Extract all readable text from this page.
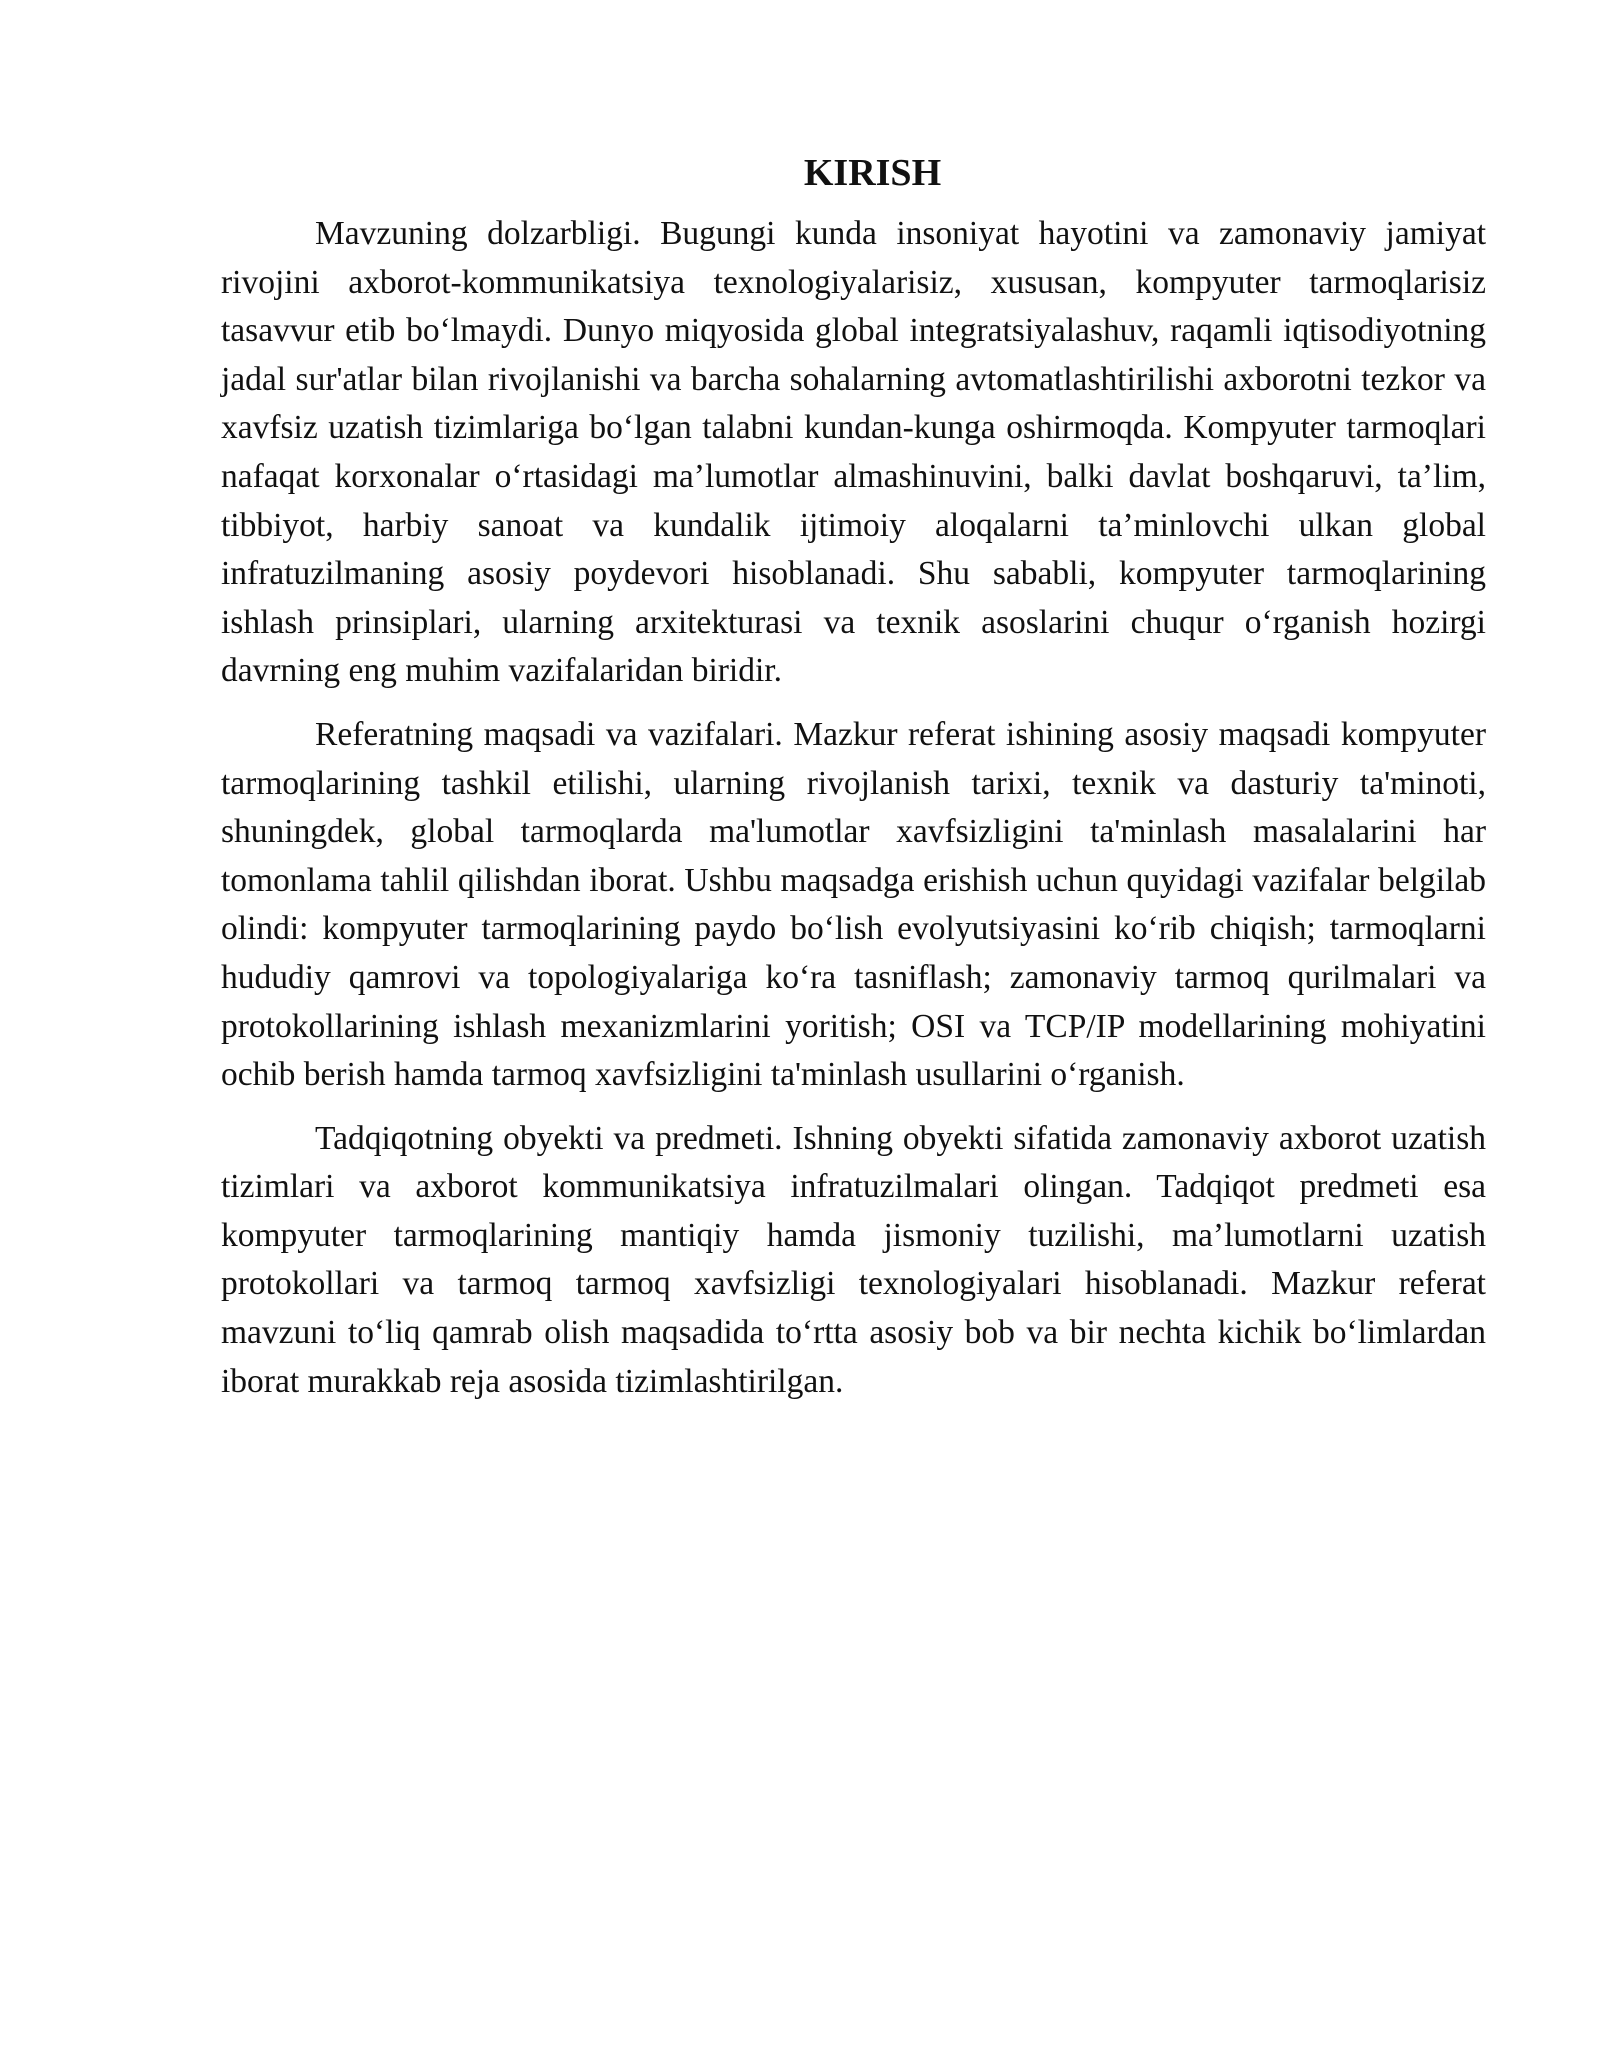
KIRISH

Mavzuning dolzarbligi. Bugungi kunda insoniyat hayotini va zamonaviy jamiyat rivojini axborot-kommunikatsiya texnologiyalarisiz, xususan, kompyuter tarmoqlarisiz tasavvur etib bo‘lmaydi. Dunyo miqyosida global integratsiyalashuv, raqamli iqtisodiyotning jadal sur'atlar bilan rivojlanishi va barcha sohalarning avtomatlashtirilishi axborotni tezkor va xavfsiz uzatish tizimlariga bo‘lgan talabni kundan-kunga oshirmoqda. Kompyuter tarmoqlari nafaqat korxonalar o‘rtasidagi ma’lumotlar almashinuvini, balki davlat boshqaruvi, ta’lim, tibbiyot, harbiy sanoat va kundalik ijtimoiy aloqalarni ta’minlovchi ulkan global infratuzilmaning asosiy poydevori hisoblanadi. Shu sababli, kompyuter tarmoqlarining ishlash prinsiplari, ularning arxitekturasi va texnik asoslarini chuqur o‘rganish hozirgi davrning eng muhim vazifalaridan biridir.

Referatning maqsadi va vazifalari. Mazkur referat ishining asosiy maqsadi kompyuter tarmoqlarining tashkil etilishi, ularning rivojlanish tarixi, texnik va dasturiy ta'minoti, shuningdek, global tarmoqlarda ma'lumotlar xavfsizligini ta'minlash masalalarini har tomonlama tahlil qilishdan iborat. Ushbu maqsadga erishish uchun quyidagi vazifalar belgilab olindi: kompyuter tarmoqlarining paydo bo‘lish evolyutsiyasini ko‘rib chiqish; tarmoqlarni hududiy qamrovi va topologiyalariga ko‘ra tasniflash; zamonaviy tarmoq qurilmalari va protokollarining ishlash mexanizmlarini yoritish; OSI va TCP/IP modellarining mohiyatini ochib berish hamda tarmoq xavfsizligini ta'minlash usullarini o‘rganish.

Tadqiqotning obyekti va predmeti. Ishning obyekti sifatida zamonaviy axborot uzatish tizimlari va axborot kommunikatsiya infratuzilmalari olingan. Tadqiqot predmeti esa kompyuter tarmoqlarining mantiqiy hamda jismoniy tuzilishi, ma’lumotlarni uzatish protokollari va tarmoq tarmoq xavfsizligi texnologiyalari hisoblanadi. Mazkur referat mavzuni to‘liq qamrab olish maqsadida to‘rtta asosiy bob va bir nechta kichik bo‘limlardan iborat murakkab reja asosida tizimlashtirilgan.
